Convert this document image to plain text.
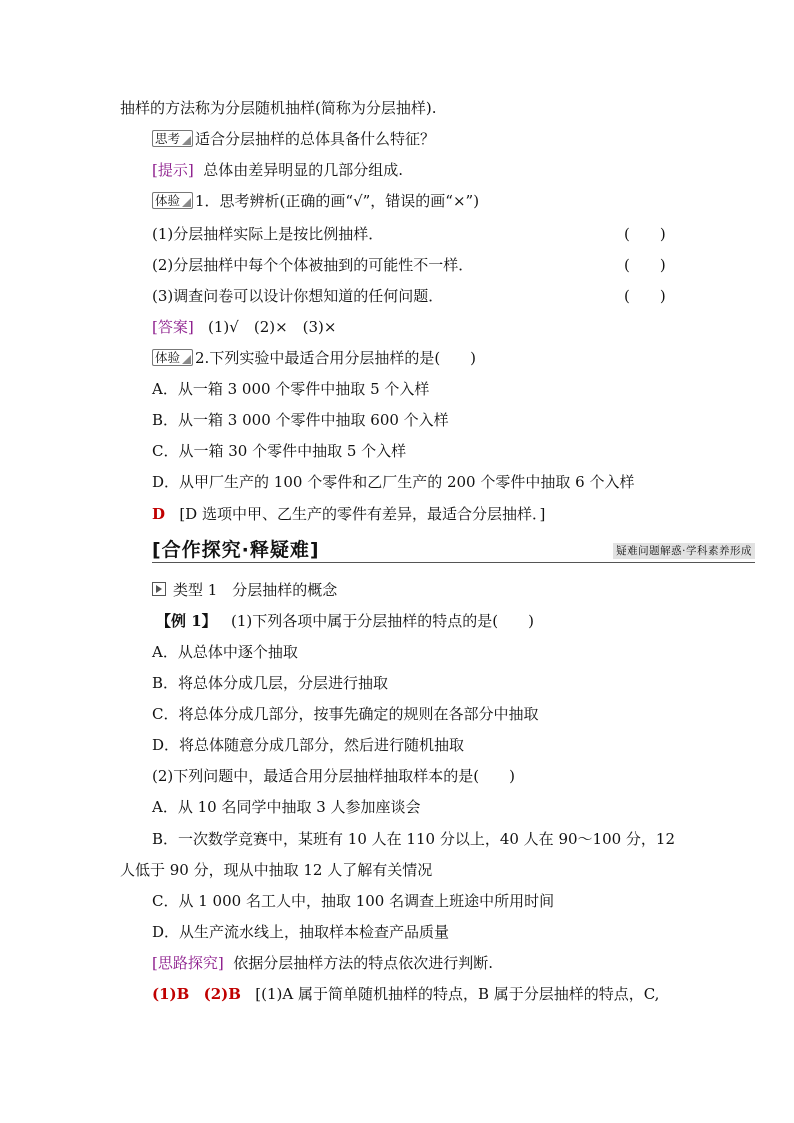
抽样的方法称为分层随机抽样(简称为分层抽样).
思考 适合分层抽样的总体具备什么特征？
[提示] 总体由差异明显的几部分组成.
体验 1．思考辨析(正确的画“√”，错误的画“×”)
(1)分层抽样实际上是按比例抽样．	(　　)
(2)分层抽样中每个个体被抽到的可能性不一样．	(　　)
(3)调查问卷可以设计你想知道的任何问题．	(　　)
[答案] (1)√　(2)×　(3)×
体验 2.下列实验中最适合用分层抽样的是(　　)
A．从一箱 3 000 个零件中抽取 5 个入样
B．从一箱 3 000 个零件中抽取 600 个入样
C．从一箱 30 个零件中抽取 5 个入样
D．从甲厂生产的 100 个零件和乙厂生产的 200 个零件中抽取 6 个入样
D [D 选项中甲、乙生产的零件有差异，最适合分层抽样．]
[合作探究·释疑难]	疑难问题解惑·学科素养形成
类型 1　分层抽样的概念
【例 1】 (1)下列各项中属于分层抽样的特点的是(　　)
A．从总体中逐个抽取
B．将总体分成几层，分层进行抽取
C．将总体分成几部分，按事先确定的规则在各部分中抽取
D．将总体随意分成几部分，然后进行随机抽取
(2)下列问题中，最适合用分层抽样抽取样本的是(　　)
A．从 10 名同学中抽取 3 人参加座谈会
B．一次数学竞赛中，某班有 10 人在 110 分以上，40 人在 90～100 分，12
人低于 90 分，现从中抽取 12 人了解有关情况
C．从 1 000 名工人中，抽取 100 名调查上班途中所用时间
D．从生产流水线上，抽取样本检查产品质量
[思路探究] 依据分层抽样方法的特点依次进行判断.
(1)B (2)B [(1)A 属于简单随机抽样的特点，B 属于分层抽样的特点，C,
